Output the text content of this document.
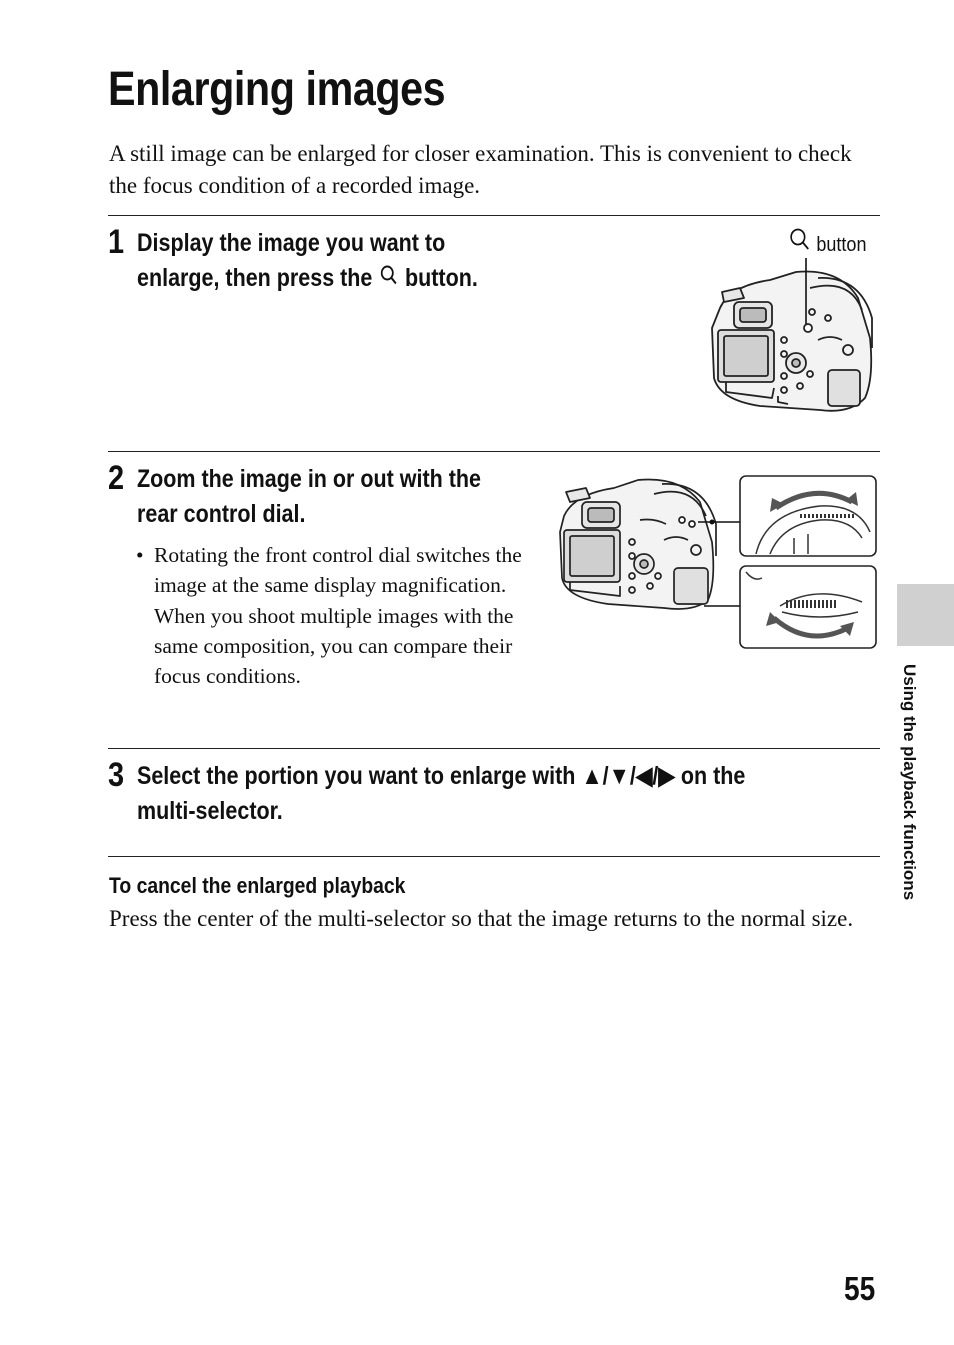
Enlarging images

A still image can be enlarged for closer examination. This is convenient to check the focus condition of a recorded image.

1 Display the image you want to
enlarge, then press the button.
button
2 Zoom the image in or out with the
rear control dial.
• Rotating the front control dial switches the image at the same display magnification. When you shoot multiple images with the same composition, you can compare their focus conditions.
3 Select the portion you want to enlarge with ▲/▼/◀/▶ on the
multi-selector.
To cancel the enlarged playback

Press the center of the multi-selector so that the image returns to the normal size.

Using the playback functions
55
